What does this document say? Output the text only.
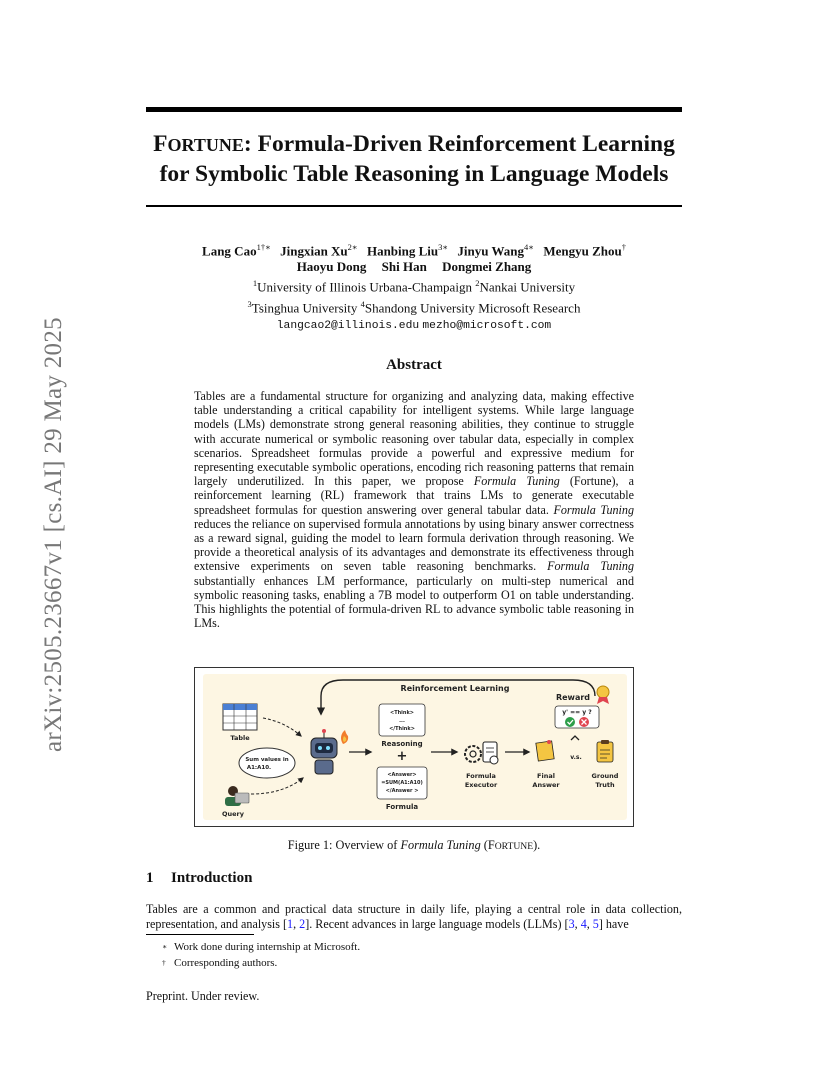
arXiv:2505.23667v1 [cs.AI] 29 May 2025
FORTUNE: Formula-Driven Reinforcement Learning
for Symbolic Table Reasoning in Language Models
Lang Cao$^{1\dagger∗}$ Jingxian $Xu^{2∗}$ Hanbing Liu$^{3∗}$ Jinyu Wang$^{4∗}$ Mengyu Zhou†
Haoyu Dong Shi Han Dongmei Zhang
$^1$University of Illinois Urbana-Champaign $^2$Nankai University
$^3$Tsinghua University $^4$Shandong University Microsoft Research
langcao2@illinois.edu mezho@microsoft.com
Abstract
Tables are a fundamental structure for organizing and analyzing data, making effective table understanding a critical capability for intelligent systems. While large language models (LMs) demonstrate strong general reasoning abilities, they continue to struggle with accurate numerical or symbolic reasoning over tabular data, especially in complex scenarios. Spreadsheet formulas provide a powerful and expressive medium for representing executable symbolic operations, encoding rich reasoning patterns that remain largely underutilized. In this paper, we propose Formula Tuning (Fortune), a reinforcement learning (RL) framework that trains LMs to generate executable spreadsheet formulas for question answering over general tabular data. Formula Tuning reduces the reliance on supervised formula annotations by using binary answer correctness as a reward signal, guiding the model to learn formula derivation through reasoning. We provide a theoretical analysis of its advantages and demonstrate its effectiveness through extensive experiments on seven table reasoning benchmarks. Formula Tuning substantially enhances LM performance, particularly on multi-step numerical and symbolic reasoning tasks, enabling a 7B model to outperform O1 on table understanding. This highlights the potential of formula-driven RL to advance symbolic table reasoning in LMs.
Reinforcement Learning
Table
Sum values in
A1:A10.
Query
<Think>
...
</Think>
Reasoning
+
<Answer>
=SUM(A1:A10)
</Answer >
Formula
Formula
Executor
Final
Answer
Reward
y' == y ?
v.s.
Ground
Truth
Figure 1: Overview of Formula Tuning (FORTUNE).
1 Introduction
Tables are a common and practical data structure in daily life, playing a central role in data collection, representation, and analysis [1, 2]. Recent advances in large language models (LLMs) [3, 4, 5] have
∗ Work done during internship at Microsoft.
† Corresponding authors.
Preprint. Under review.
